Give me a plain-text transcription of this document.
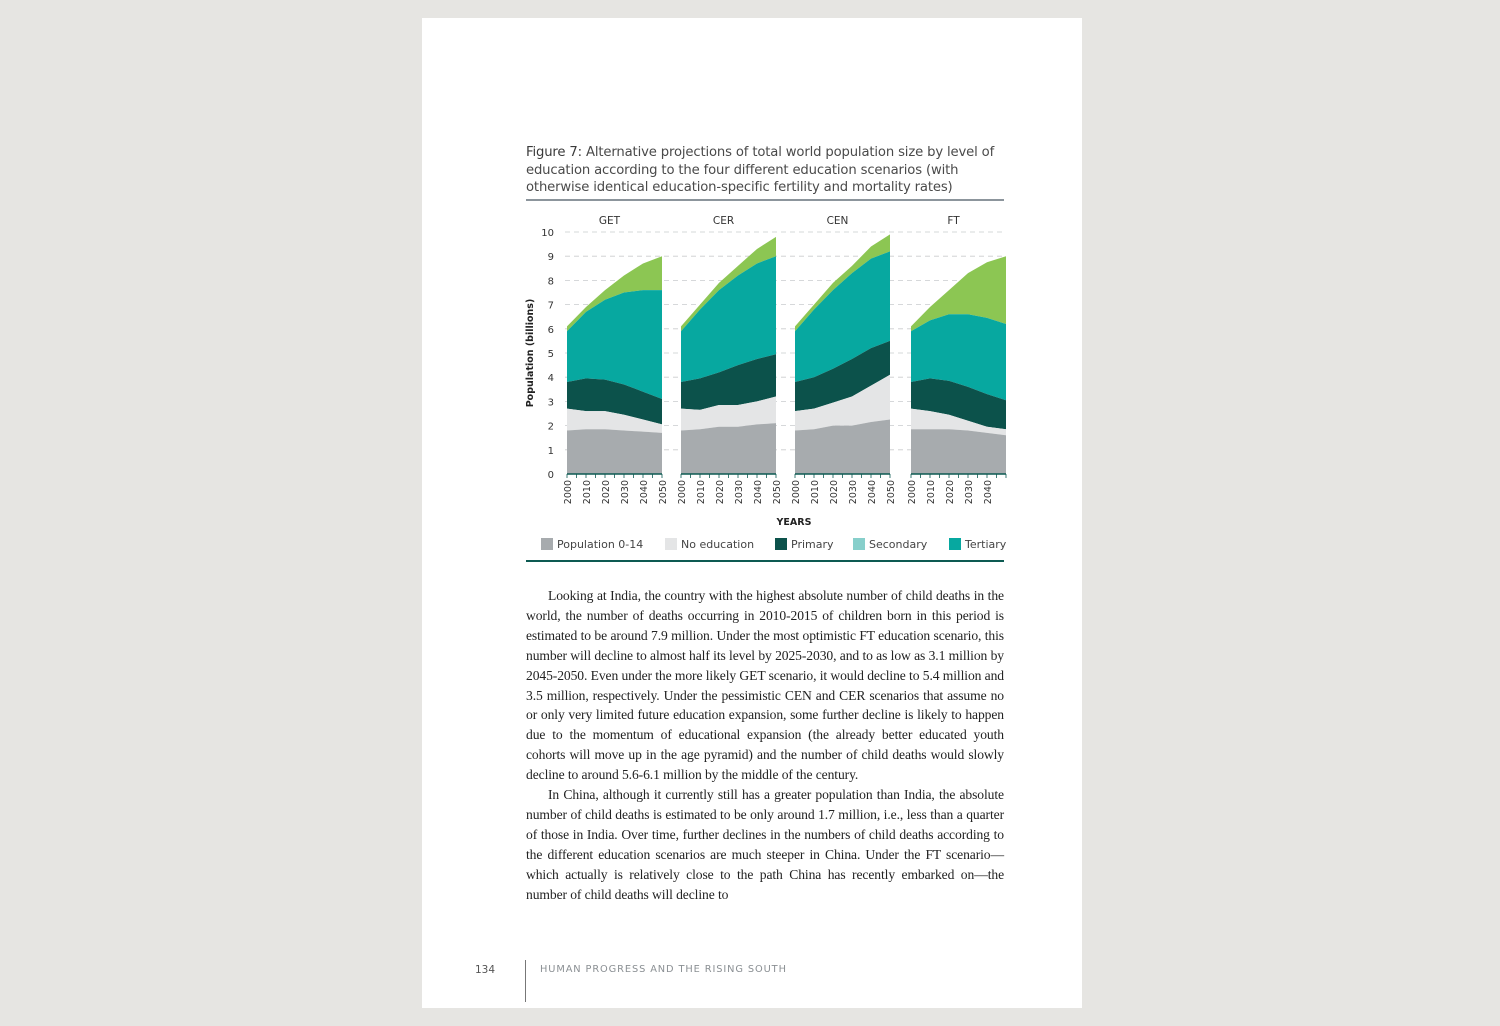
Figure 7: Alternative projections of total world population size by level of education according to the four different education scenarios (with otherwise identical education-specific fertility and mortality rates)
0
1
2
3
4
5
6
7
8
9
10
Population (billions)
GET
2000 2010 2020 2030 2040 2050
CER
2000 2010 2020 2030 2040 2050
CEN
2000 2010 2020 2030 2040 2050
FT
2000 2010 2020 2030 2040
YEARS
Population 0-14	No education	Primary	Secondary	Tertiary

Looking at India, the country with the highest absolute number of child deaths in the world, the number of deaths occurring in 2010-2015 of children born in this period is estimated to be around 7.9 million. Under the most optimistic FT education scenario, this number will decline to almost half its level by 2025-2030, and to as low as 3.1 million by 2045-2050. Even under the more likely GET scenario, it would decline to 5.4 million and 3.5 million, respectively. Under the pessimistic CEN and CER scenarios that assume no or only very limited future education expansion, some further decline is likely to happen due to the momentum of educational expansion (the already better educated youth cohorts will move up in the age pyramid) and the number of child deaths would slowly decline to around 5.6-6.1 million by the middle of the century.

In China, although it currently still has a greater population than India, the absolute number of child deaths is estimated to be only around 1.7 million, i.e., less than a quarter of those in India. Over time, further declines in the numbers of child deaths according to the different education scenarios are much steeper in China. Under the FT scenario—which actually is relatively close to the path China has recently embarked on—the number of child deaths will decline to

134	HUMAN PROGRESS AND THE RISING SOUTH
